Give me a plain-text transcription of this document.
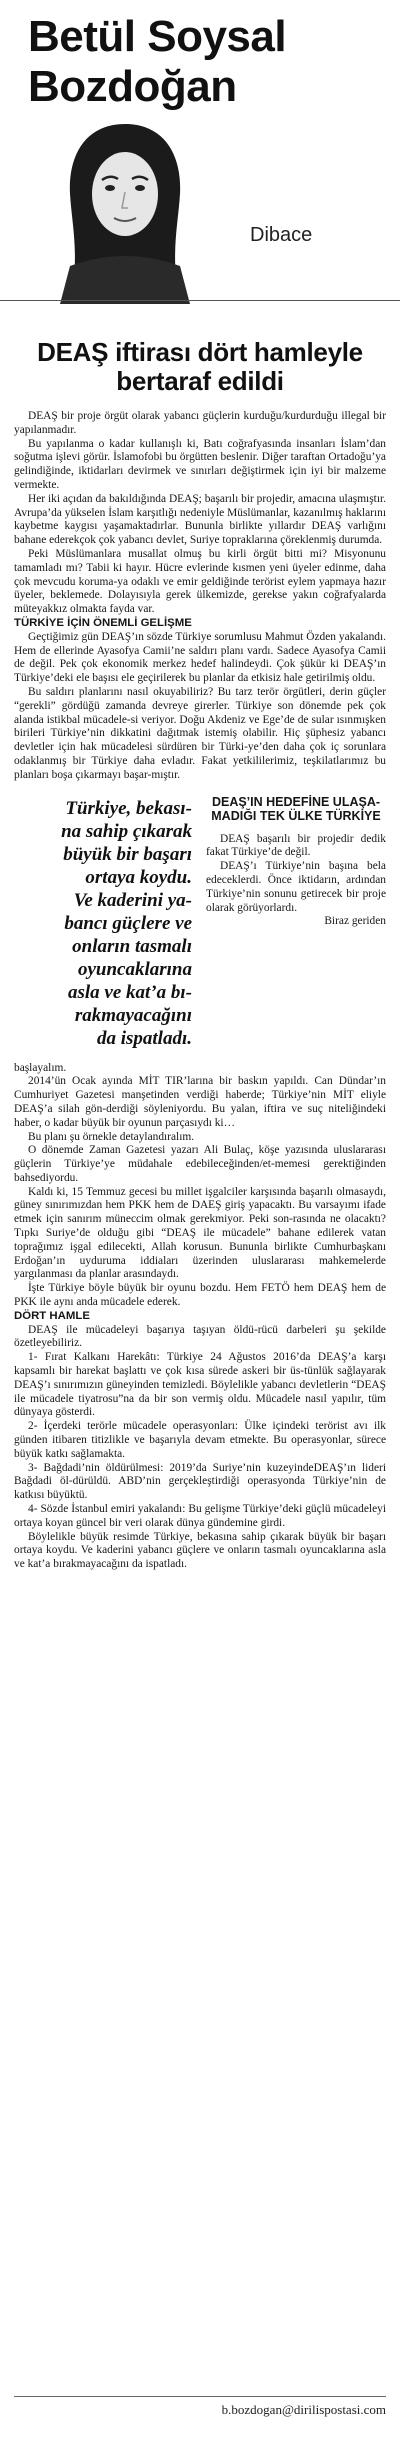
Betül Soysal
Bozdoğan
Dibace
DEAŞ iftirası dört hamleyle bertaraf edildi

DEAŞ bir proje örgüt olarak yabancı güçlerin kurduğu/kurdurduğu illegal bir yapılanmadır.

Bu yapılanma o kadar kullanışlı ki, Batı coğrafyasında insanları İslam’dan soğutma işlevi görür. İslamofobi bu örgütten beslenir. Diğer taraftan Ortadoğu’ya gelindiğinde, iktidarları devirmek ve sınırları değiştirmek için iyi bir malzeme vermekte.

Her iki açıdan da bakıldığında DEAŞ; başarılı bir projedir, amacına ulaşmıştır. Avrupa’da yükselen İslam karşıtlığı nedeniyle Müslümanlar, kazanılmış haklarını kaybetme kaygısı yaşamaktadırlar. Bununla birlikte yıllardır DEAŞ varlığını bahane ederekçok çok yabancı devlet, Suriye topraklarına çöreklenmiş durumda.

Peki Müslümanlara musallat olmuş bu kirli örgüt bitti mi? Misyonunu tamamladı mı? Tabii ki hayır. Hücre evlerinde kısmen yeni üyeler edinme, daha çok mevcudu koruma-ya odaklı ve emir geldiğinde terörist eylem yapmaya hazır üyeler, beklemede. Dolayısıyla gerek ülkemizde, gerekse yakın coğrafyalarda müteyakkız olmakta fayda var.

TÜRKİYE İÇİN ÖNEMLİ GELİŞME

Geçtiğimiz gün DEAŞ’ın sözde Türkiye sorumlusu Mahmut Özden yakalandı. Hem de ellerinde Ayasofya Camii’ne saldırı planı vardı. Sadece Ayasofya Camii de değil. Pek çok ekonomik merkez hedef halindeydi. Çok şükür ki DEAŞ’ın Türkiye’deki ele başısı ele geçirilerek bu planlar da etkisiz hale getirilmiş oldu.

Bu saldırı planlarını nasıl okuyabiliriz? Bu tarz terör örgütleri, derin güçler “gerekli” gördüğü zamanda devreye girerler. Türkiye son dönemde pek çok alanda istikbal mücadele-si veriyor. Doğu Akdeniz ve Ege’de de sular ısınmışken birileri Türkiye’nin dikkatini dağıtmak istemiş olabilir. Hiç şüphesiz yabancı devletler için hak mücadelesi sürdüren bir Türki-ye’den daha çok iç sorunlara odaklanmış bir Türkiye daha evladır. Fakat yetkililerimiz, teşkilatlarımız bu planları boşa çıkarmayı başar-mıştır.

Türkiye, bekası-
na sahip çıkarak
büyük bir başarı
ortaya koydu.
Ve kaderini ya-
bancı güçlere ve
onların tasmalı
oyuncaklarına
asla ve kat’a bı-
rakmayacağını
da ispatladı.
DEAŞ’IN HEDEFİNE ULAŞA-MADIĞI TEK ÜLKE TÜRKİYE

DEAŞ başarılı bir projedir dedik fakat Türkiye’de değil.

DEAŞ’ı Türkiye’nin başına bela edeceklerdi. Önce iktidarın, ardından Türkiye’nin sonunu getirecek bir proje olarak görüyorlardı.

Biraz geriden

başlayalım.

2014’ün Ocak ayında MİT TIR’larına bir baskın yapıldı. Can Dündar’ın Cumhuriyet Gazetesi manşetinden verdiği haberde; Türkiye’nin MİT eliyle DEAŞ’a silah gön-derdiği söyleniyordu. Bu yalan, iftira ve suç niteliğindeki haber, o kadar büyük bir oyunun parçasıydı ki…

Bu planı şu örnekle detaylandıralım.

O dönemde Zaman Gazetesi yazarı Ali Bulaç, köşe yazısında uluslararası güçlerin Türkiye’ye müdahale edebileceğinden/et-memesi gerektiğinden bahsediyordu.

Kaldı ki, 15 Temmuz gecesi bu millet işgalciler karşısında başarılı olmasaydı, güney sınırımızdan hem PKK hem de DAEŞ giriş yapacaktı. Bu varsayımı ifade etmek için sanırım müneccim olmak gerekmiyor. Peki son-rasında ne olacaktı? Tıpkı Suriye’de olduğu gibi “DEAŞ ile mücadele” bahane edilerek vatan toprağımız işgal edilecekti, Allah korusun. Bununla birlikte Cumhurbaşkanı Erdoğan’ın uyduruma iddiaları üzerinden uluslararası mahkemelerde yargılanması da planlar arasındaydı.

İşte Türkiye böyle büyük bir oyunu bozdu. Hem FETÖ hem DEAŞ hem de PKK ile aynı anda mücadele ederek.

DÖRT HAMLE

DEAŞ ile mücadeleyi başarıya taşıyan öldü-rücü darbeleri şu şekilde özetleyebiliriz.

1- Fırat Kalkanı Harekâtı: Türkiye 24 Ağustos 2016’da DEAŞ’a karşı kapsamlı bir harekat başlattı ve çok kısa sürede askeri bir üs-tünlük sağlayarak DEAŞ’ı sınırımızın güneyinden temizledi. Böylelikle yabancı devletlerin “DEAŞ ile mücadele tiyatrosu”na da bir son vermiş oldu. Mücadele nasıl yapılır, tüm dünyaya gösterdi.

2- İçerdeki terörle mücadele operasyonları: Ülke içindeki terörist avı ilk günden itibaren titizlikle ve başarıyla devam etmekte. Bu operasyonlar, sürece büyük katkı sağlamakta.

3- Bağdadi’nin öldürülmesi: 2019’da Suriye’nin kuzeyindeDEAŞ’ın lideri Bağdadi öl-dürüldü. ABD’nin gerçekleştirdiği operasyonda Türkiye’nin de katkısı büyüktü.

4- Sözde İstanbul emiri yakalandı: Bu gelişme Türkiye’deki güçlü mücadeleyi ortaya koyan güncel bir veri olarak dünya gündemine girdi.

Böylelikle büyük resimde Türkiye, bekasına sahip çıkarak büyük bir başarı ortaya koydu. Ve kaderini yabancı güçlere ve onların tasmalı oyuncaklarına asla ve kat’a bırakmayacağını da ispatladı.

b.bozdogan@dirilispostasi.com
